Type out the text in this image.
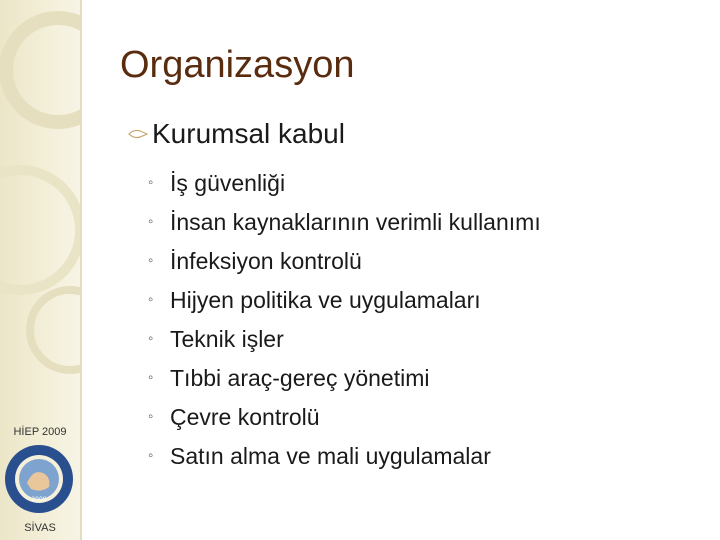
HİEP 2009
2000
SİVAS
Organizasyon
Kurumsal kabul
◦ İş güvenliği
◦ İnsan kaynaklarının verimli kullanımı
◦ İnfeksiyon kontrolü
◦ Hijyen politika ve uygulamaları
◦ Teknik işler
◦ Tıbbi araç-gereç yönetimi
◦ Çevre kontrolü
◦ Satın alma ve mali uygulamalar
